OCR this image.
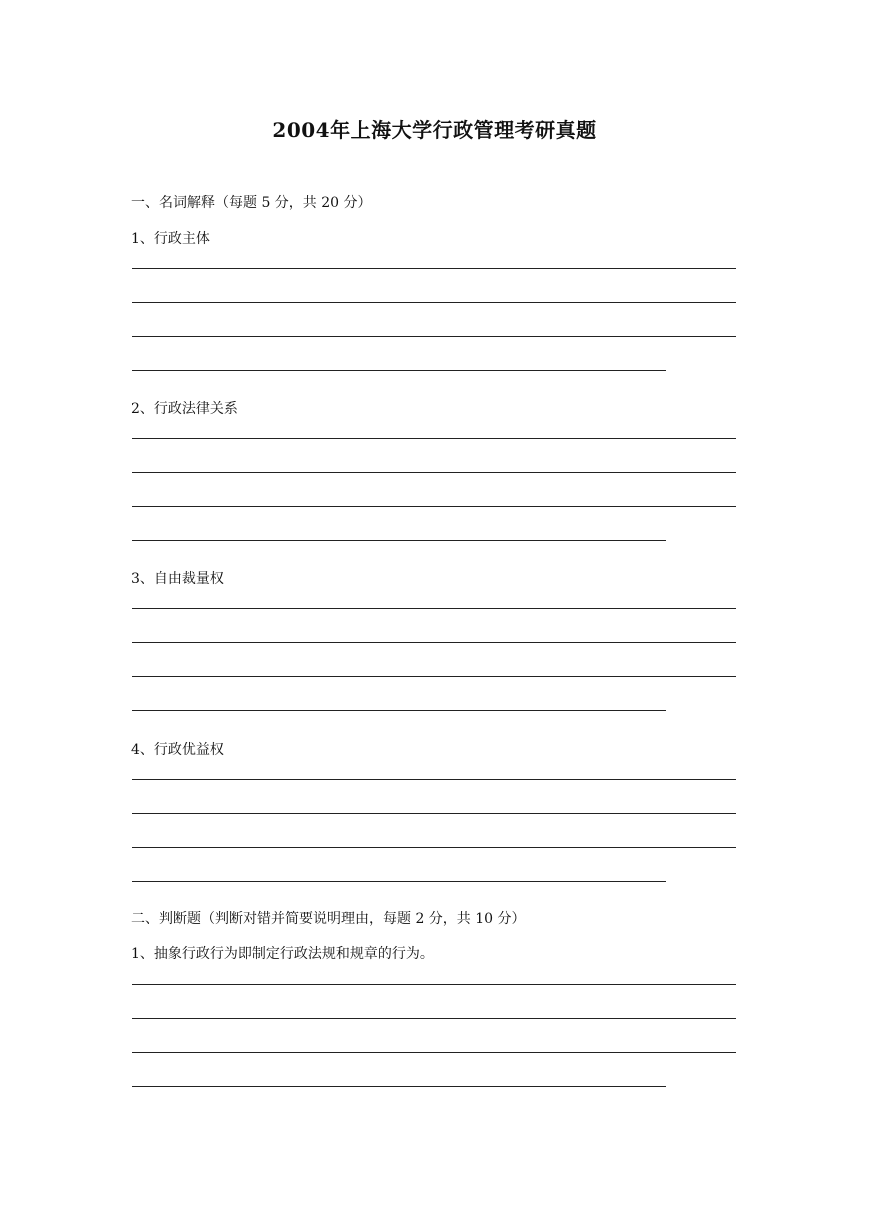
2004年上海大学行政管理考研真题
一、名词解释（每题 5 分，共 20 分）
1、行政主体
2、行政法律关系
3、自由裁量权
4、行政优益权
二、判断题（判断对错并简要说明理由，每题 2 分，共 10 分）
1、抽象行政行为即制定行政法规和规章的行为。
